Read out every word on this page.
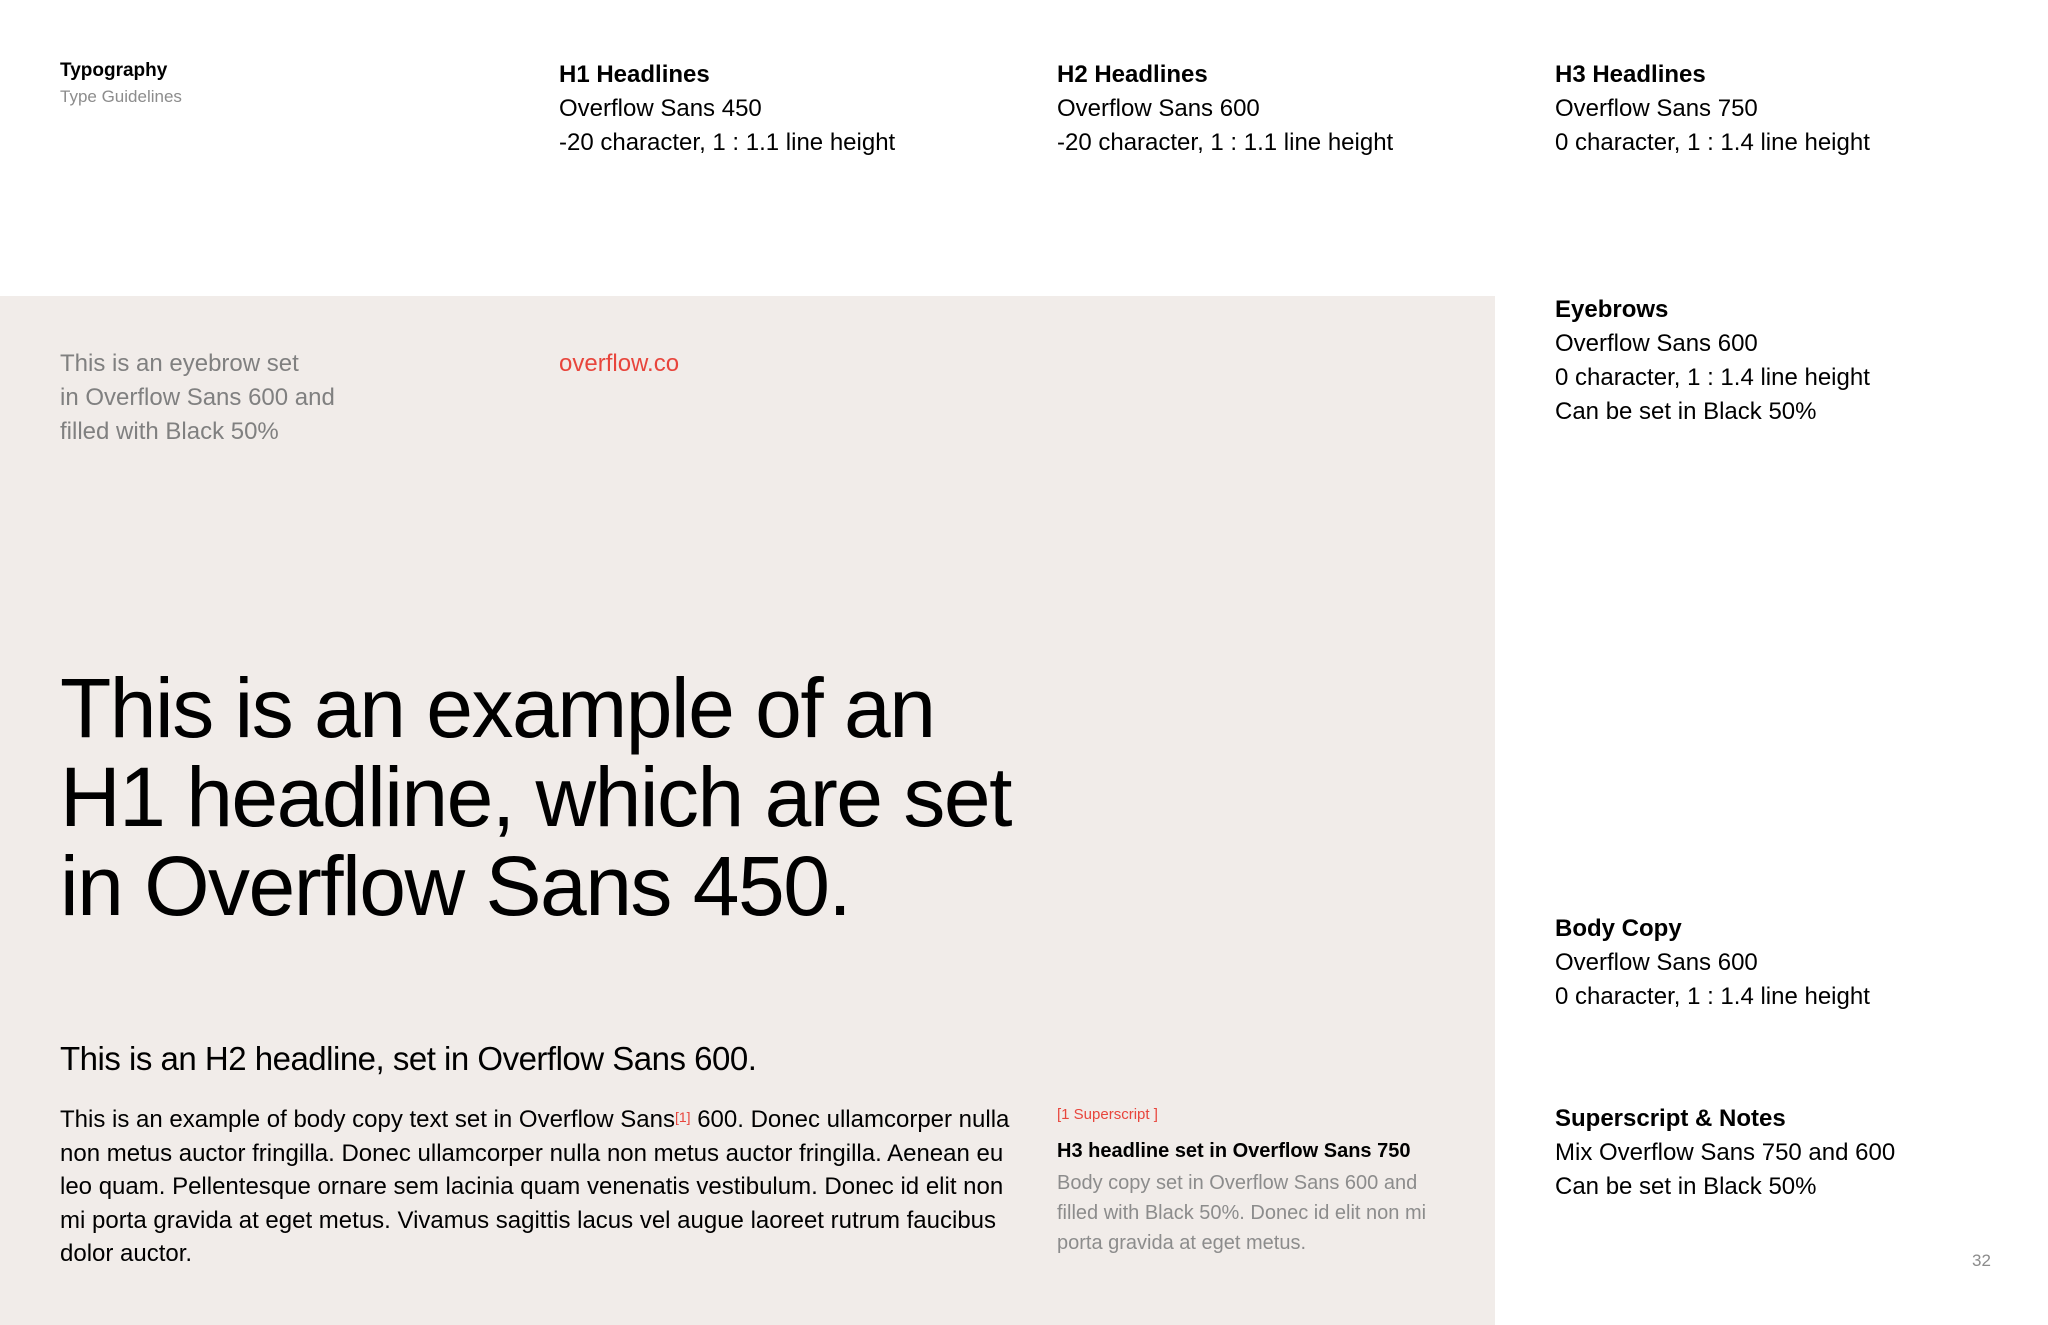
Typography
Type Guidelines
H1 Headlines
Overflow Sans 450
-20 character, 1 : 1.1 line height
H2 Headlines
Overflow Sans 600
-20 character, 1 : 1.1 line height
H3 Headlines
Overflow Sans 750
0 character, 1 : 1.4 line height
Eyebrows
Overflow Sans 600
0 character, 1 : 1.4 line height
Can be set in Black 50%
Body Copy
Overflow Sans 600
0 character, 1 : 1.4 line height
Superscript & Notes
Mix Overflow Sans 750 and 600
Can be set in Black 50%
This is an eyebrow set
in Overflow Sans 600 and
filled with Black 50%
overflow.co
This is an example of an
H1 headline, which are set
in Overflow Sans 450.
This is an H2 headline, set in Overflow Sans 600.
This is an example of body copy text set in Overflow Sans[1] 600. Donec ullamcorper nulla non metus auctor fringilla. Donec ullamcorper nulla non metus auctor fringilla. Aenean eu leo quam. Pellentesque ornare sem lacinia quam venenatis vestibulum. Donec id elit non mi porta gravida at eget metus. Vivamus sagittis lacus vel augue laoreet rutrum faucibus dolor auctor.
[1 Superscript ]
H3 headline set in Overflow Sans 750
Body copy set in Overflow Sans 600 and filled with Black 50%. Donec id elit non mi porta gravida at eget metus.
32
